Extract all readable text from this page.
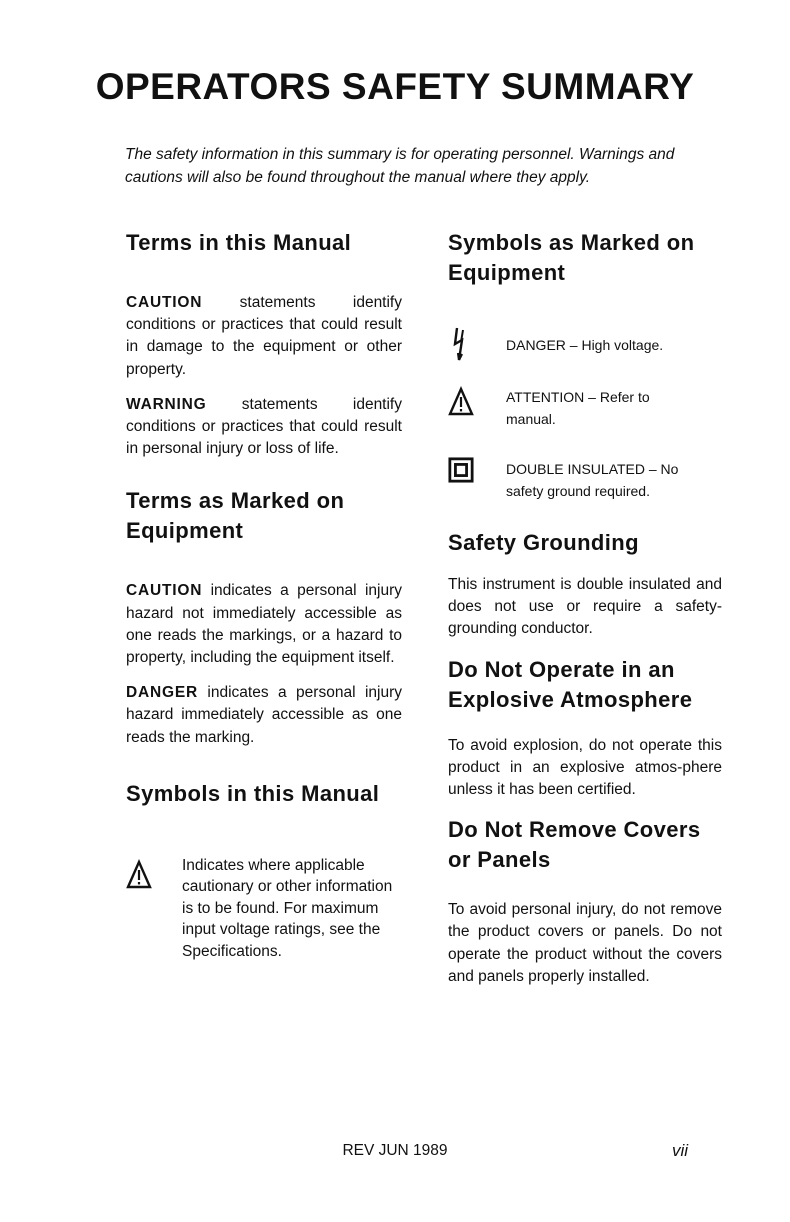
OPERATORS SAFETY SUMMARY

The safety information in this summary is for operating personnel. Warnings and cautions will also be found throughout the manual where they apply.

Terms in this Manual

CAUTION statements identify conditions or practices that could result in damage to the equipment or other property.

WARNING statements identify conditions or practices that could result in personal injury or loss of life.

Terms as Marked on Equipment

CAUTION indicates a personal injury hazard not immediately accessible as one reads the markings, or a hazard to property, including the equipment itself.

DANGER indicates a personal injury hazard immediately accessible as one reads the marking.

Symbols in this Manual
Indicates where applicable cautionary or other information is to be found. For maximum input voltage ratings, see the Specifications.
Symbols as Marked on Equipment
DANGER – High voltage.
ATTENTION – Refer to manual.
DOUBLE INSULATED – No safety ground required.
Safety Grounding

This instrument is double insulated and does not use or require a safety-grounding conductor.

Do Not Operate in an Explosive Atmosphere

To avoid explosion, do not operate this product in an explosive atmos-phere unless it has been certified.

Do Not Remove Covers or Panels

To avoid personal injury, do not remove the product covers or panels. Do not operate the product without the covers and panels properly installed.

REV JUN 1989	vii
